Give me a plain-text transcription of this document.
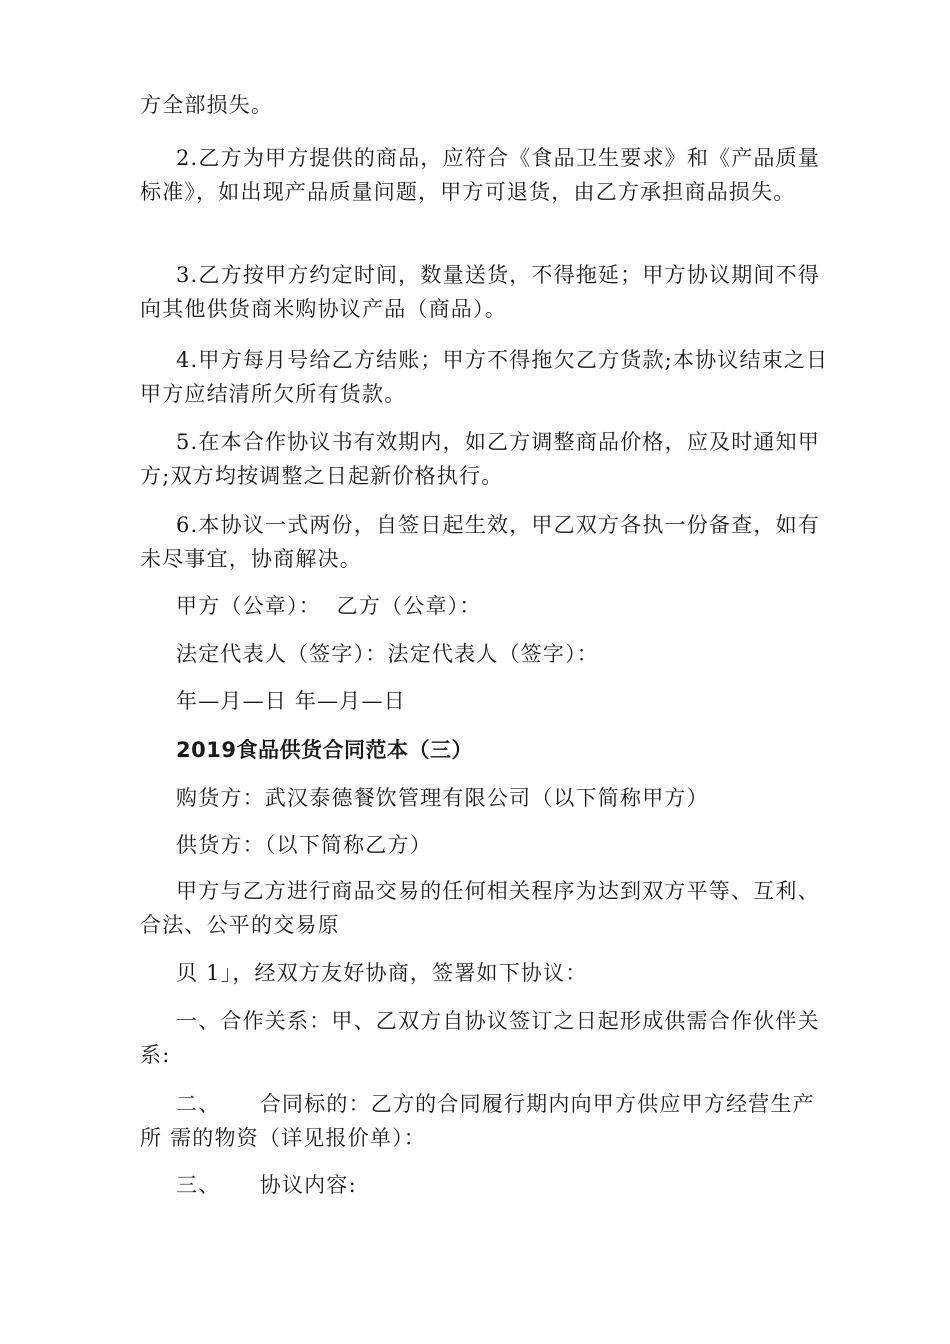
方全部损失。

2.乙方为甲方提供的商品，应符合《食品卫生要求》和《产品质量标准》，如出现产品质量问题，甲方可退货，由乙方承担商品损失。

3.乙方按甲方约定时间，数量送货，不得拖延；甲方协议期间不得向其他供货商米购协议产品（商品）。

4.甲方每月号给乙方结账；甲方不得拖欠乙方货款;本协议结束之日甲方应结清所欠所有货款。

5.在本合作协议书有效期内，如乙方调整商品价格，应及时通知甲方;双方均按调整之日起新价格执行。

6.本协议一式两份，自签日起生效，甲乙双方各执一份备查，如有未尽事宜，协商解决。

甲方（公章）：  乙方（公章）：

法定代表人（签字）：法定代表人（签字）：

年—月—日 年—月—日

2019食品供货合同范本（三）

购货方：武汉泰德餐饮管理有限公司（以下简称甲方）

供货方：（以下简称乙方）

甲方与乙方进行商品交易的任何相关程序为达到双方平等、互利、合法、公平的交易原

贝 1」，经双方友好协商，签署如下协议：

一、合作关系：甲、乙双方自协议签订之日起形成供需合作伙伴关系:

二、     合同标的：乙方的合同履行期内向甲方供应甲方经营生产所 需的物资（详见报价单）：

三、     协议内容:
